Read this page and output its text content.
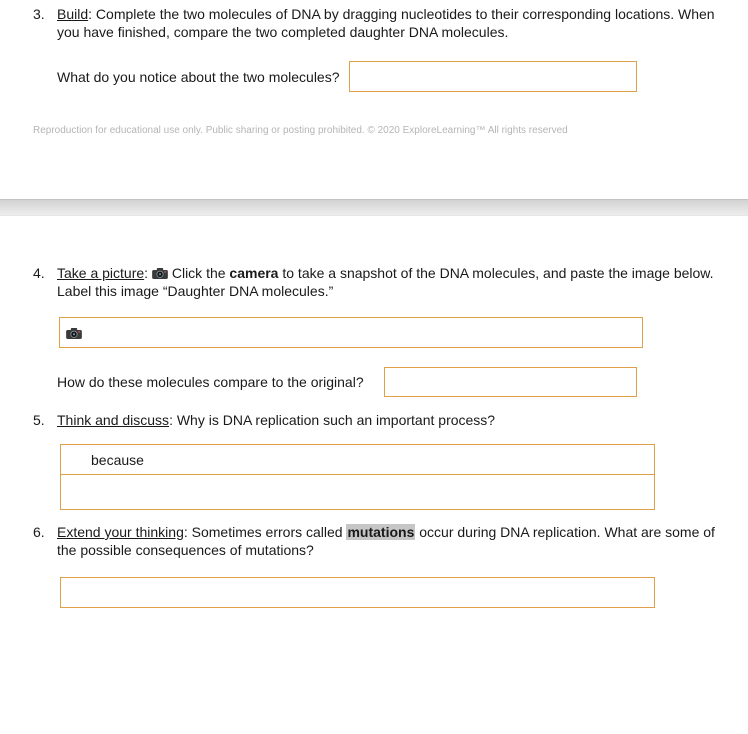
3. Build: Complete the two molecules of DNA by dragging nucleotides to their corresponding locations. When you have finished, compare the two completed daughter DNA molecules.
What do you notice about the two molecules?
Reproduction for educational use only. Public sharing or posting prohibited. © 2020 ExploreLearning™ All rights reserved
4. Take a picture:  Click the camera to take a snapshot of the DNA molecules, and paste the image below. Label this image “Daughter DNA molecules.”
How do these molecules compare to the original?
5. Think and discuss: Why is DNA replication such an important process?
because
6. Extend your thinking: Sometimes errors called mutations occur during DNA replication. What are some of the possible consequences of mutations?
